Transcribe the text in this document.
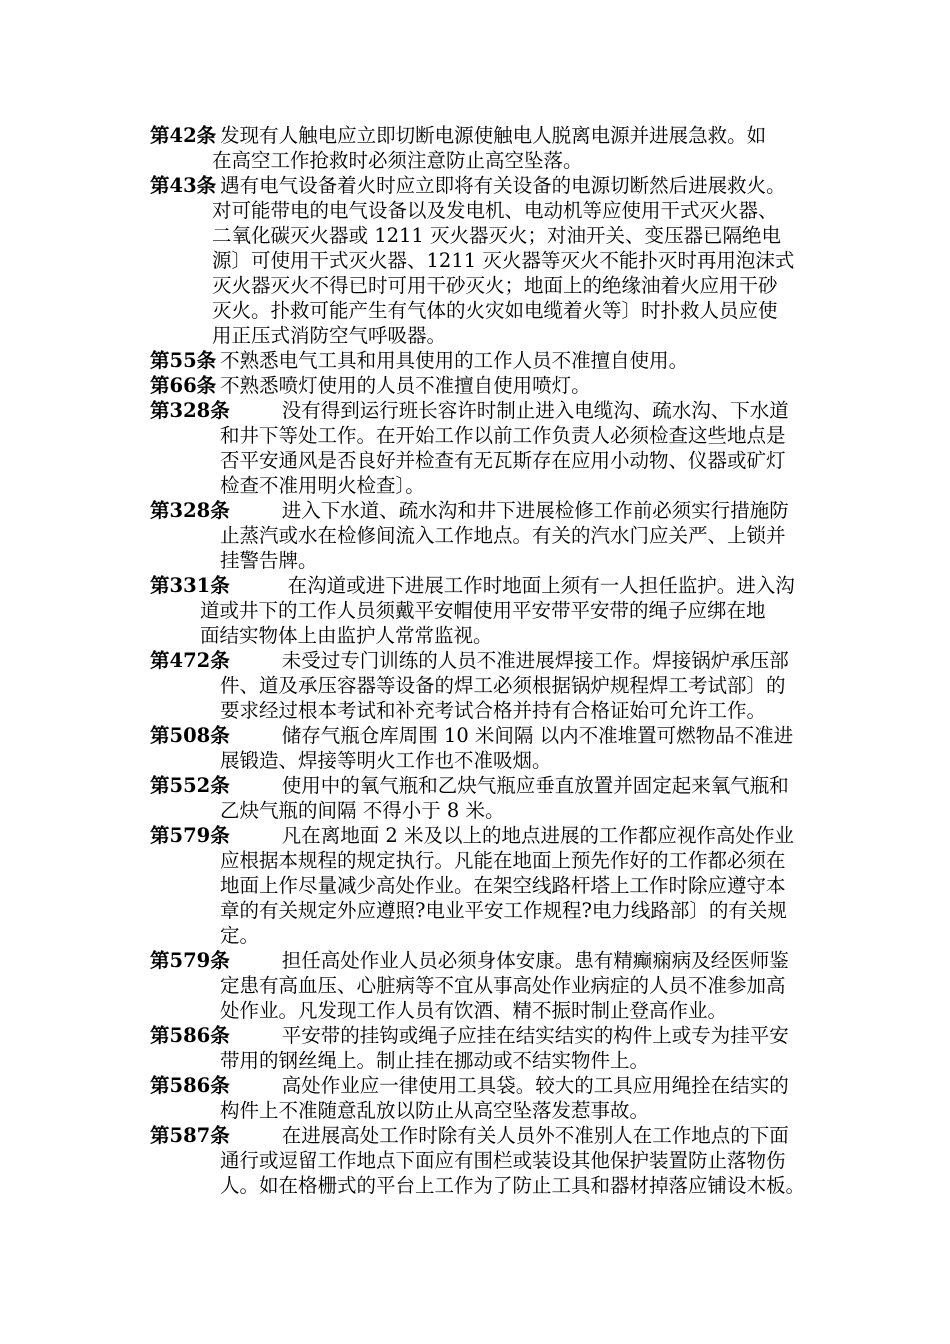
第42条 发现有人触电应立即切断电源使触电人脱离电源并进展急救。如
在高空工作抢救时必须注意防止高空坠落。
第43条 遇有电气设备着火时应立即将有关设备的电源切断然后进展救火。
对可能带电的电气设备以及发电机、电动机等应使用干式灭火器、
二氧化碳灭火器或 1211 灭火器灭火；对油开关、变压器已隔绝电
源〕可使用干式灭火器、1211 灭火器等灭火不能扑灭时再用泡沫式
灭火器灭火不得已时可用干砂灭火；地面上的绝缘油着火应用干砂
灭火。扑救可能产生有气体的火灾如电缆着火等〕时扑救人员应使
用正压式消防空气呼吸器。
第55条 不熟悉电气工具和用具使用的工作人员不准擅自使用。
第66条 不熟悉喷灯使用的人员不准擅自使用喷灯。
第328条	没有得到运行班长容许时制止进入电缆沟、疏水沟、下水道
和井下等处工作。在开始工作以前工作负责人必须检查这些地点是
否平安通风是否良好并检查有无瓦斯存在应用小动物、仪器或矿灯
检查不准用明火检查〕。
第328条	进入下水道、疏水沟和井下进展检修工作前必须实行措施防
止蒸汽或水在检修间流入工作地点。有关的汽水门应关严、上锁并
挂警告牌。
第331条	在沟道或进下进展工作时地面上须有一人担任监护。进入沟
道或井下的工作人员须戴平安帽使用平安带平安带的绳子应绑在地
面结实物体上由监护人常常监视。
第472条	未受过专门训练的人员不准进展焊接工作。焊接锅炉承压部
件、道及承压容器等设备的焊工必须根据锅炉规程焊工考试部〕的
要求经过根本考试和补充考试合格并持有合格证始可允许工作。
第508条	储存气瓶仓库周围 10 米间隔 以内不准堆置可燃物品不准进
展锻造、焊接等明火工作也不准吸烟。
第552条	使用中的氧气瓶和乙炔气瓶应垂直放置并固定起来氧气瓶和
乙炔气瓶的间隔 不得小于 8 米。
第579条	凡在离地面 2 米及以上的地点进展的工作都应视作高处作业
应根据本规程的规定执行。凡能在地面上预先作好的工作都必须在
地面上作尽量减少高处作业。在架空线路杆塔上工作时除应遵守本
章的有关规定外应遵照?电业平安工作规程?电力线路部〕的有关规
定。
第579条	担任高处作业人员必须身体安康。患有精癫痫病及经医师鉴
定患有高血压、心脏病等不宜从事高处作业病症的人员不准参加高
处作业。凡发现工作人员有饮酒、精不振时制止登高作业。
第586条	平安带的挂钩或绳子应挂在结实结实的构件上或专为挂平安
带用的钢丝绳上。制止挂在挪动或不结实物件上。
第586条	高处作业应一律使用工具袋。较大的工具应用绳拴在结实的
构件上不准随意乱放以防止从高空坠落发惹事故。
第587条	在进展高处工作时除有关人员外不准别人在工作地点的下面
通行或逗留工作地点下面应有围栏或装设其他保护装置防止落物伤
人。如在格栅式的平台上工作为了防止工具和器材掉落应铺设木板。
